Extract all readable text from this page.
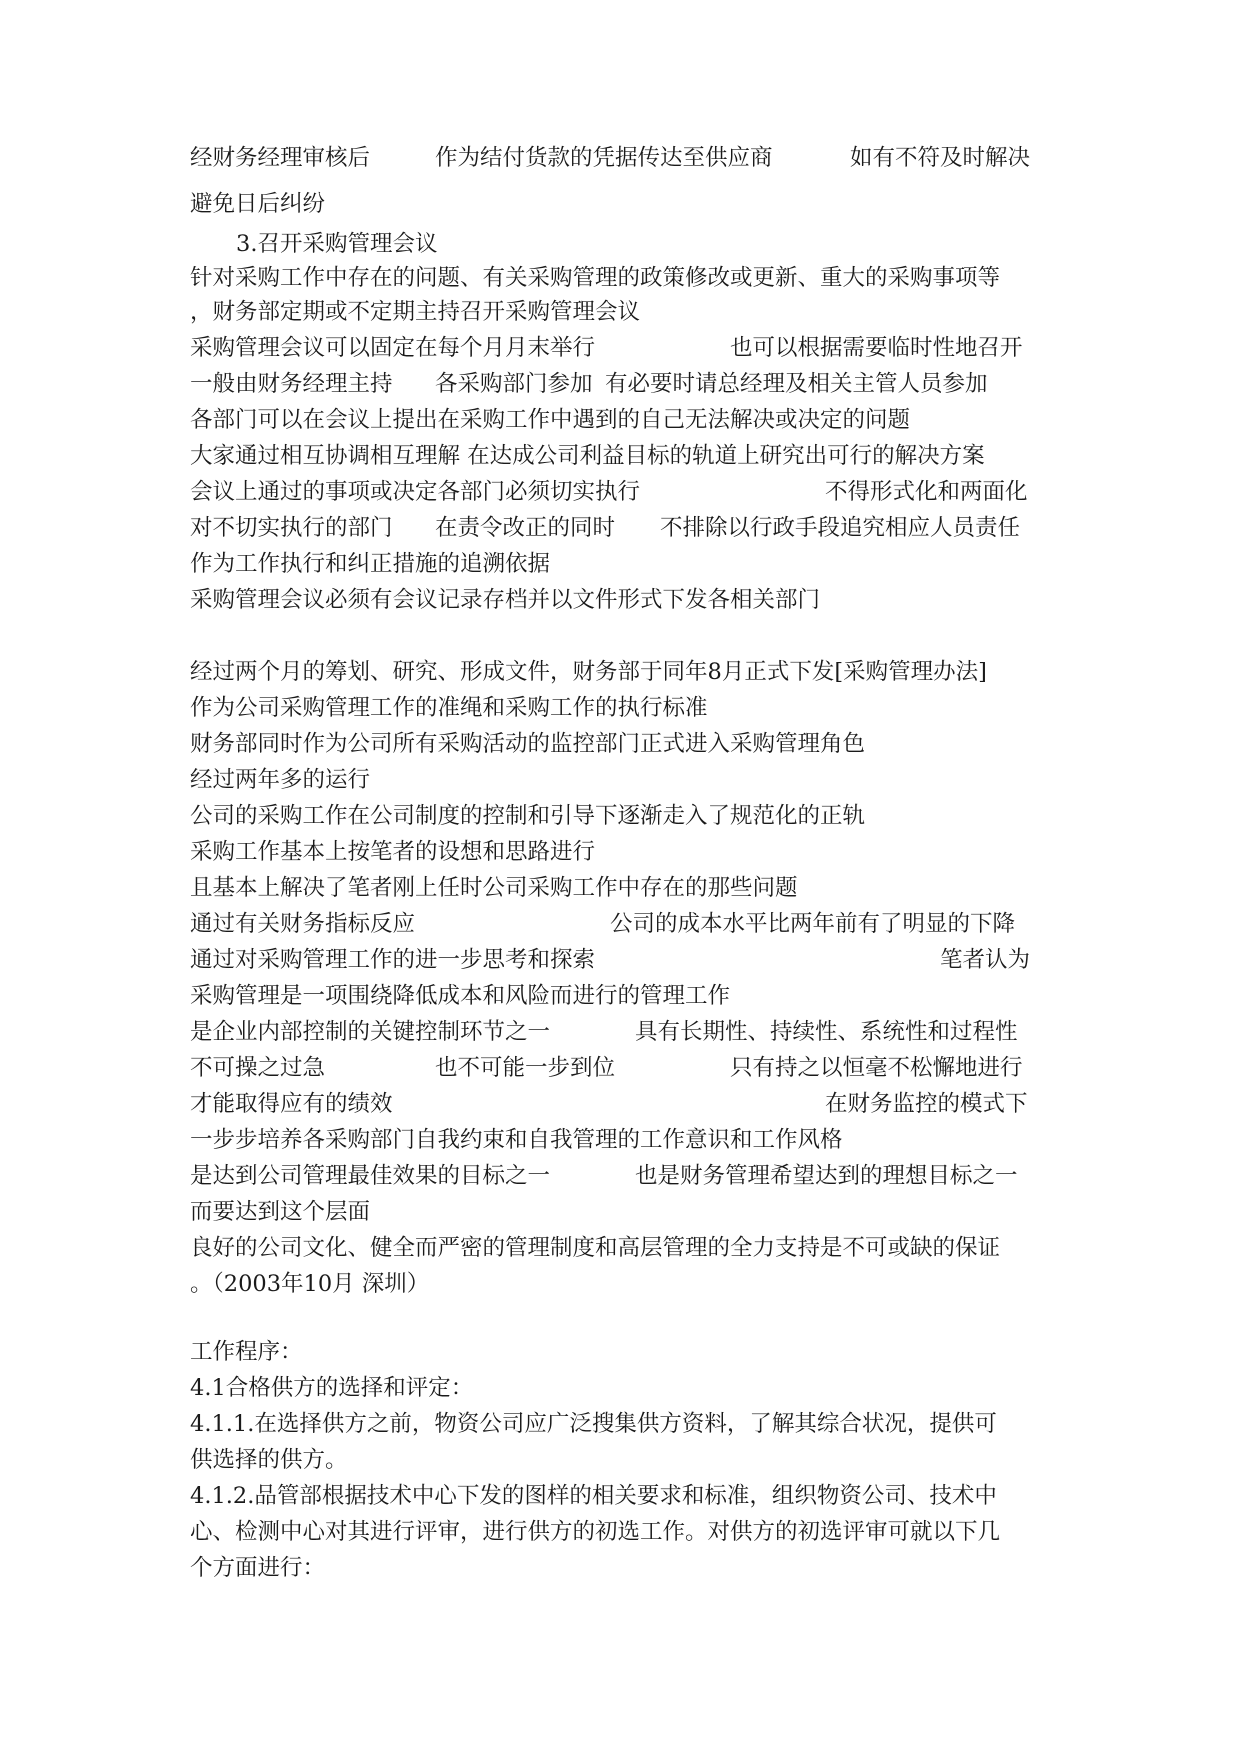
经财务经理审核后	作为结付货款的凭据传达至供应商	如有不符及时解决
避免日后纠纷
3.召开采购管理会议
针对采购工作中存在的问题、有关采购管理的政策修改或更新、重大的采购事项等
，财务部定期或不定期主持召开采购管理会议
采购管理会议可以固定在每个月月末举行	也可以根据需要临时性地召开
一般由财务经理主持 各采购部门参加 有必要时请总经理及相关主管人员参加
各部门可以在会议上提出在采购工作中遇到的自己无法解决或决定的问题
大家通过相互协调相互理解 在达成公司利益目标的轨道上研究出可行的解决方案
会议上通过的事项或决定各部门必须切实执行	不得形式化和两面化
对不切实执行的部门 在责令改正的同时 不排除以行政手段追究相应人员责任
作为工作执行和纠正措施的追溯依据
采购管理会议必须有会议记录存档并以文件形式下发各相关部门
经过两个月的筹划、研究、形成文件，财务部于同年8月正式下发[采购管理办法]
作为公司采购管理工作的准绳和采购工作的执行标准
财务部同时作为公司所有采购活动的监控部门正式进入采购管理角色
经过两年多的运行
公司的采购工作在公司制度的控制和引导下逐渐走入了规范化的正轨
采购工作基本上按笔者的设想和思路进行
且基本上解决了笔者刚上任时公司采购工作中存在的那些问题
通过有关财务指标反应	公司的成本水平比两年前有了明显的下降
通过对采购管理工作的进一步思考和探索	笔者认为
采购管理是一项围绕降低成本和风险而进行的管理工作
是企业内部控制的关键控制环节之一	具有长期性、持续性、系统性和过程性
不可操之过急	也不可能一步到位	只有持之以恒毫不松懈地进行
才能取得应有的绩效	在财务监控的模式下
一步步培养各采购部门自我约束和自我管理的工作意识和工作风格
是达到公司管理最佳效果的目标之一	也是财务管理希望达到的理想目标之一
而要达到这个层面
良好的公司文化、健全而严密的管理制度和高层管理的全力支持是不可或缺的保证
。（2003年10月 深圳）
工作程序：
4.1合格供方的选择和评定：
4.1.1.在选择供方之前，物资公司应广泛搜集供方资料，了解其综合状况，提供可
供选择的供方。
4.1.2.品管部根据技术中心下发的图样的相关要求和标准，组织物资公司、技术中
心、检测中心对其进行评审，进行供方的初选工作。对供方的初选评审可就以下几
个方面进行：
